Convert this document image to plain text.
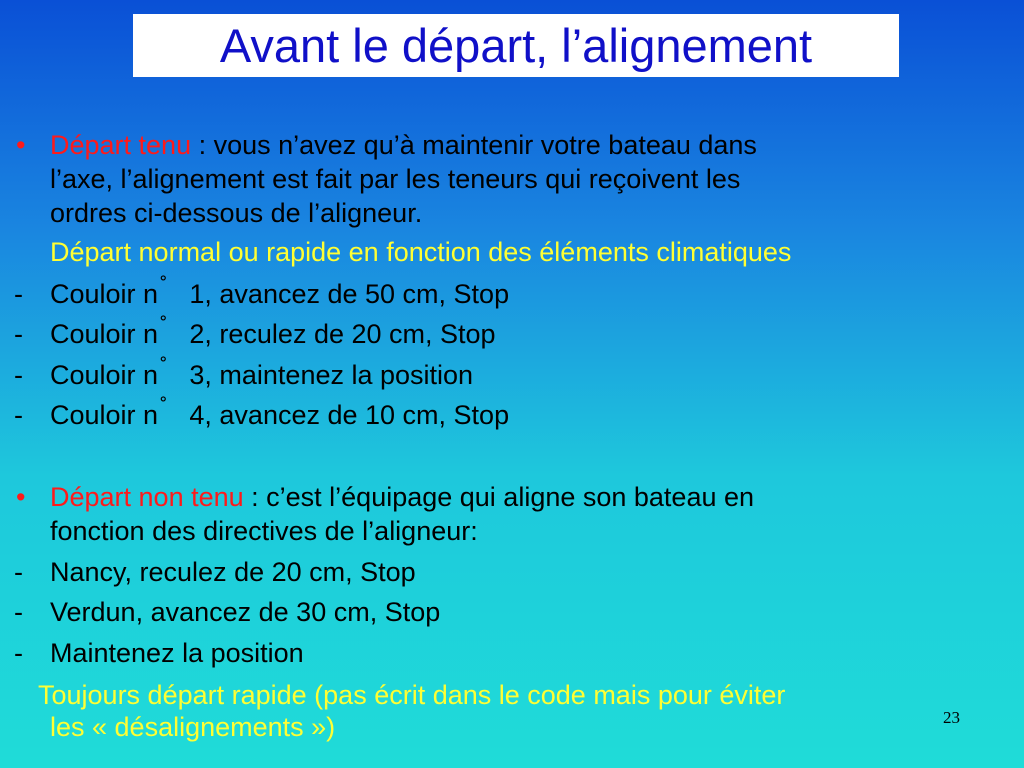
Avant le départ, l’alignement
• Départ tenu : vous n’avez qu’à maintenir votre bateau dans
l’axe, l’alignement est fait par les teneurs qui reçoivent les
ordres ci-dessous de l’aligneur.
Départ normal ou rapide en fonction des éléments climatiques
- Couloir n˚ 1, avancez de 50 cm, Stop
- Couloir n˚ 2, reculez de 20 cm, Stop
- Couloir n˚ 3, maintenez la position
- Couloir n˚ 4, avancez de 10 cm, Stop
• Départ non tenu : c’est l’équipage qui aligne son bateau en
fonction des directives de l’aligneur:
- Nancy, reculez de 20 cm, Stop
- Verdun, avancez de 30 cm, Stop
- Maintenez la position
Toujours départ rapide (pas écrit dans le code mais pour éviter
les « désalignements »)	23
